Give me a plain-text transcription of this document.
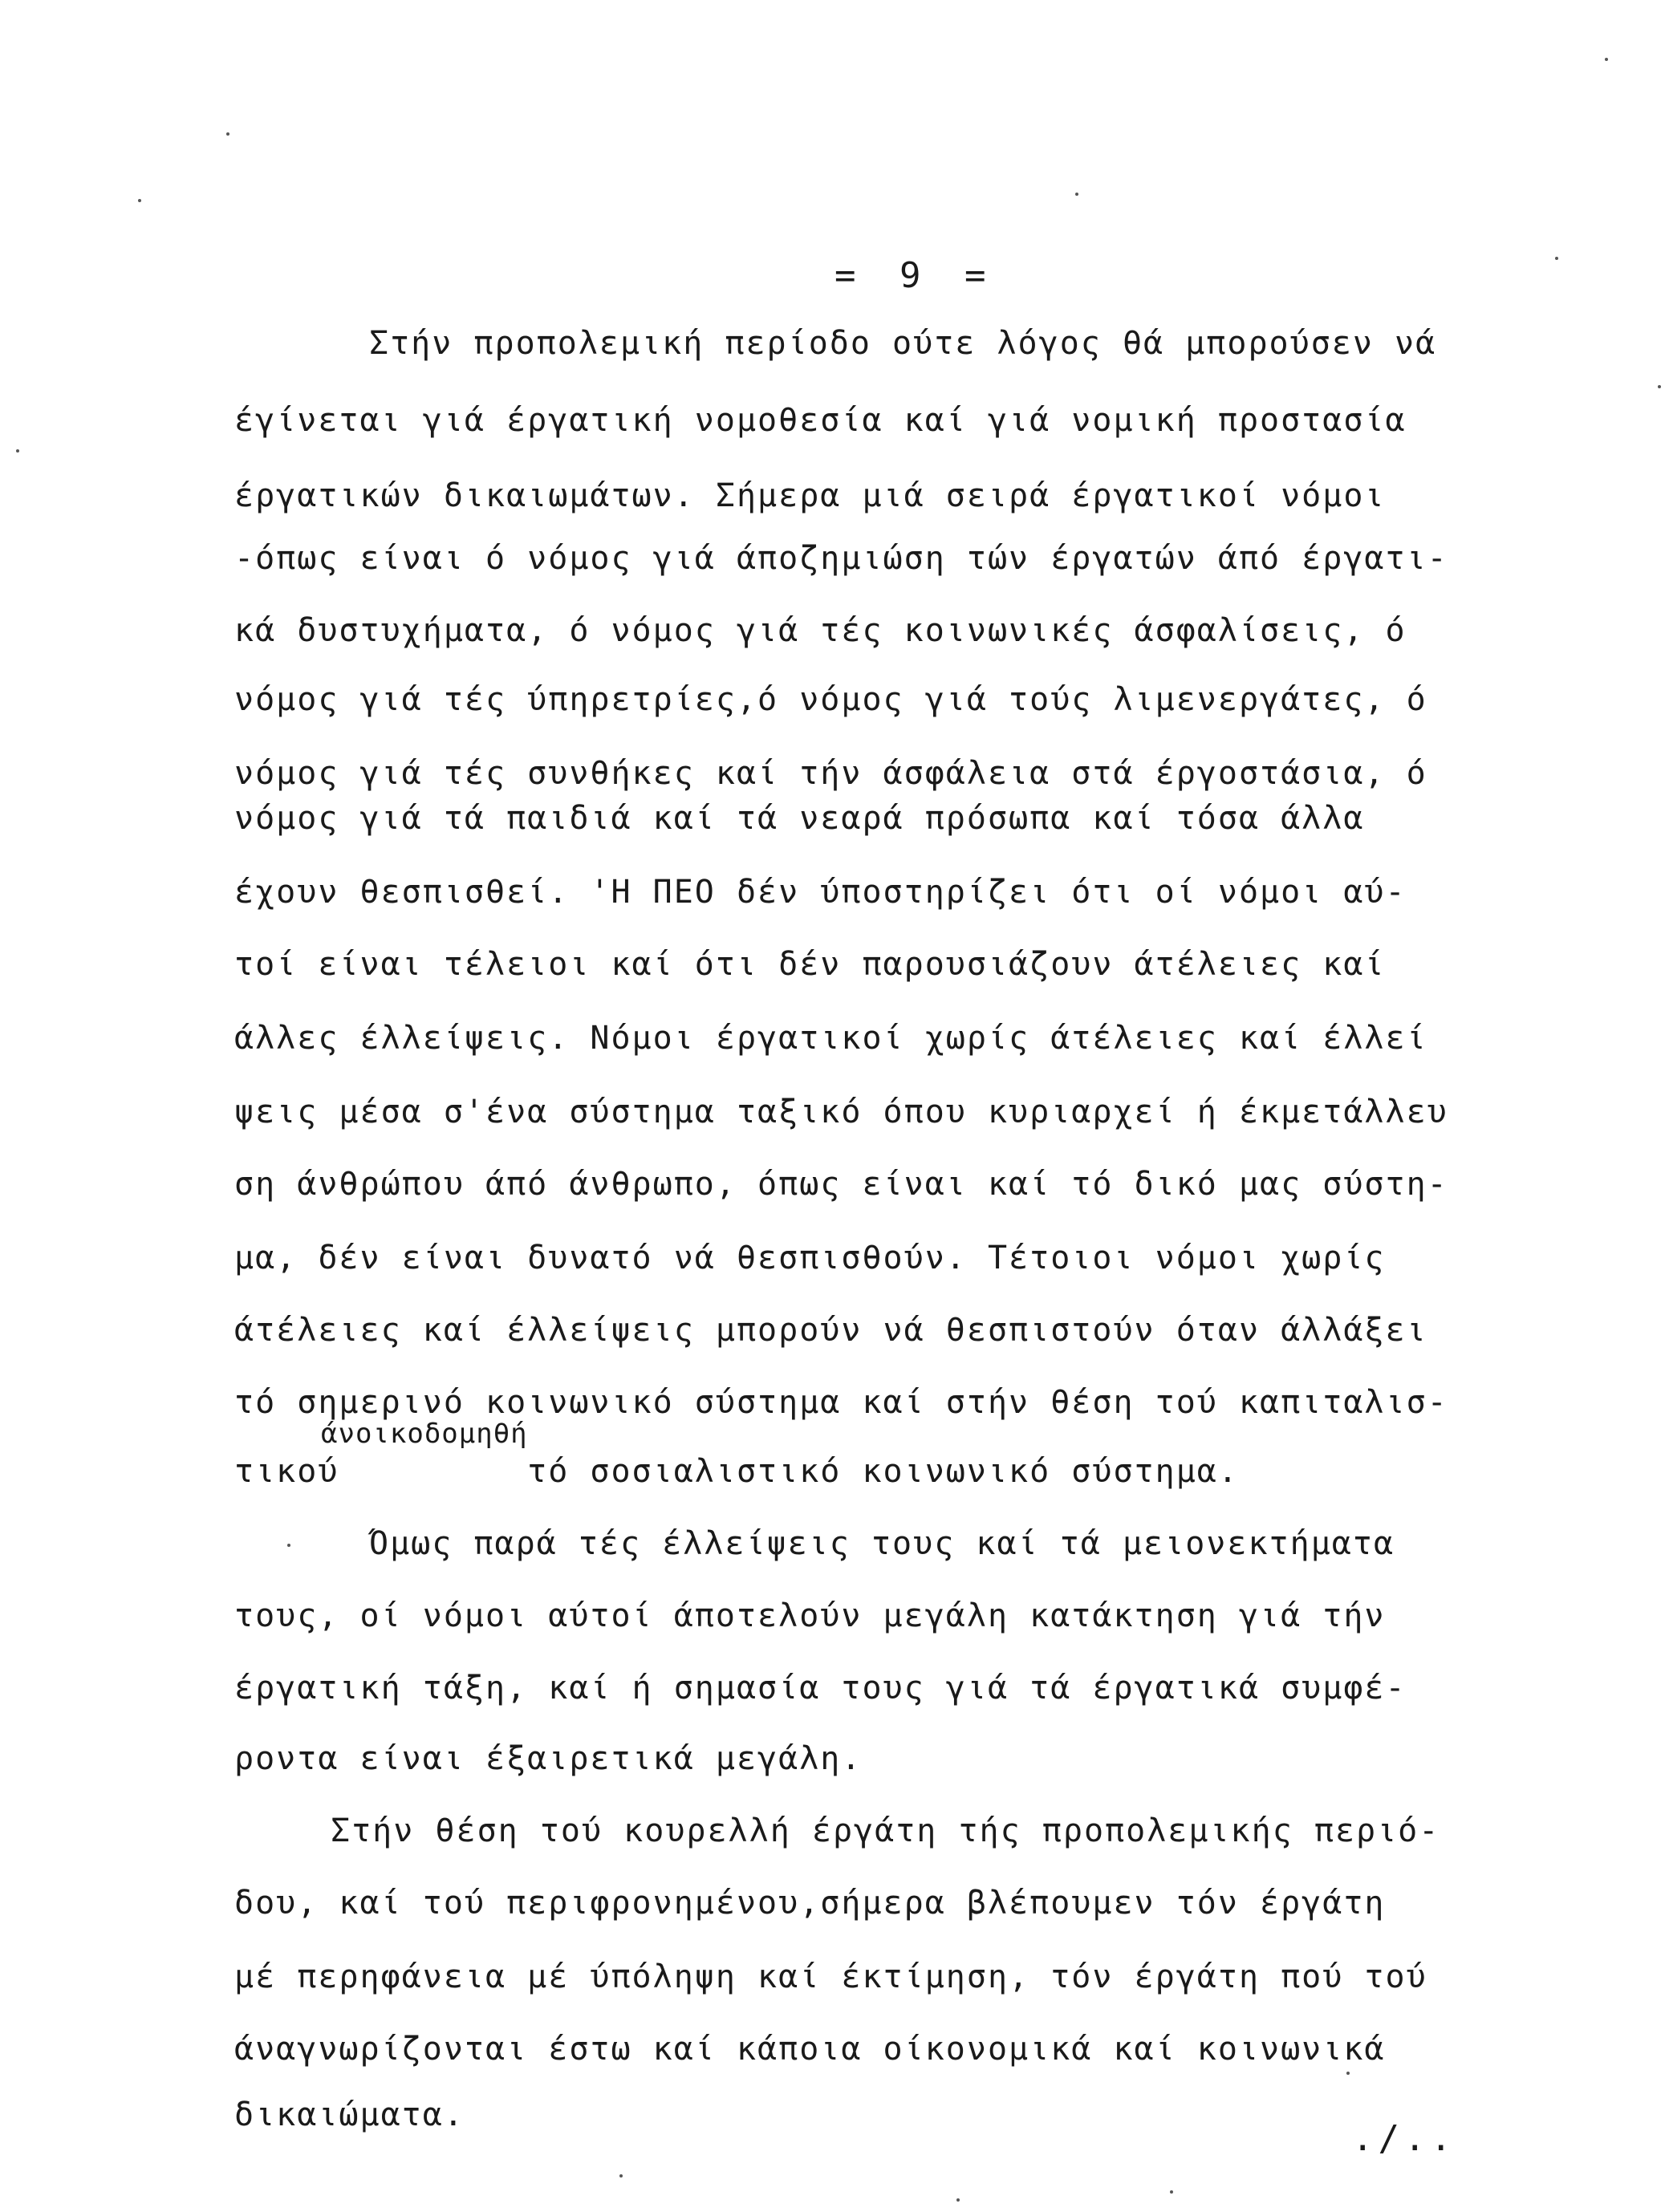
= 9 =
Στήν προπολεμική περίοδο ούτε λόγος θά μπορούσεν νά
έγίνεται γιά έργατική νομοθεσία καί γιά νομική προστασία
έργατικών δικαιωμάτων. Σήμερα μιά σειρά έργατικοί νόμοι
-όπως είναι ό νόμος γιά άποζημιώση τών έργατών άπό έργατι-
κά δυστυχήματα, ό νόμος γιά τές κοινωνικές άσφαλίσεις, ό
νόμος γιά τές ύπηρετρίες,ό νόμος γιά τούς λιμενεργάτες, ό
νόμος γιά τές συνθήκες καί τήν άσφάλεια στά έργοστάσια, ό
νόμος γιά τά παιδιά καί τά νεαρά πρόσωπα καί τόσα άλλα
έχουν θεσπισθεί. 'Η ΠΕΟ δέν ύποστηρίζει ότι οί νόμοι αύ-
τοί είναι τέλειοι καί ότι δέν παρουσιάζουν άτέλειες καί
άλλες έλλείψεις. Νόμοι έργατικοί χωρίς άτέλειες καί έλλεί
ψεις μέσα σ'ένα σύστημα ταξικό όπου κυριαρχεί ή έκμετάλλευ
ση άνθρώπου άπό άνθρωπο, όπως είναι καί τό δικό μας σύστη-
μα, δέν είναι δυνατό νά θεσπισθούν. Τέτοιοι νόμοι χωρίς
άτέλειες καί έλλείψεις μπορούν νά θεσπιστούν όταν άλλάξει
τό σημερινό κοινωνικό σύστημα καί στήν θέση τού καπιταλισ-
άνοικοδομηθή
τικού         τό σοσιαλιστικό κοινωνικό σύστημα.
Όμως παρά τές έλλείψεις τους καί τά μειονεκτήματα
τους, οί νόμοι αύτοί άποτελούν μεγάλη κατάκτηση γιά τήν
έργατική τάξη, καί ή σημασία τους γιά τά έργατικά συμφέ-
ροντα είναι έξαιρετικά μεγάλη.
Στήν θέση τού κουρελλή έργάτη τής προπολεμικής περιό-
δου, καί τού περιφρονημένου,σήμερα βλέπουμεν τόν έργάτη
μέ περηφάνεια μέ ύπόληψη καί έκτίμηση, τόν έργάτη πού τού
άναγνωρίζονται έστω καί κάποια οίκονομικά καί κοινωνικά
δικαιώματα.
./..
